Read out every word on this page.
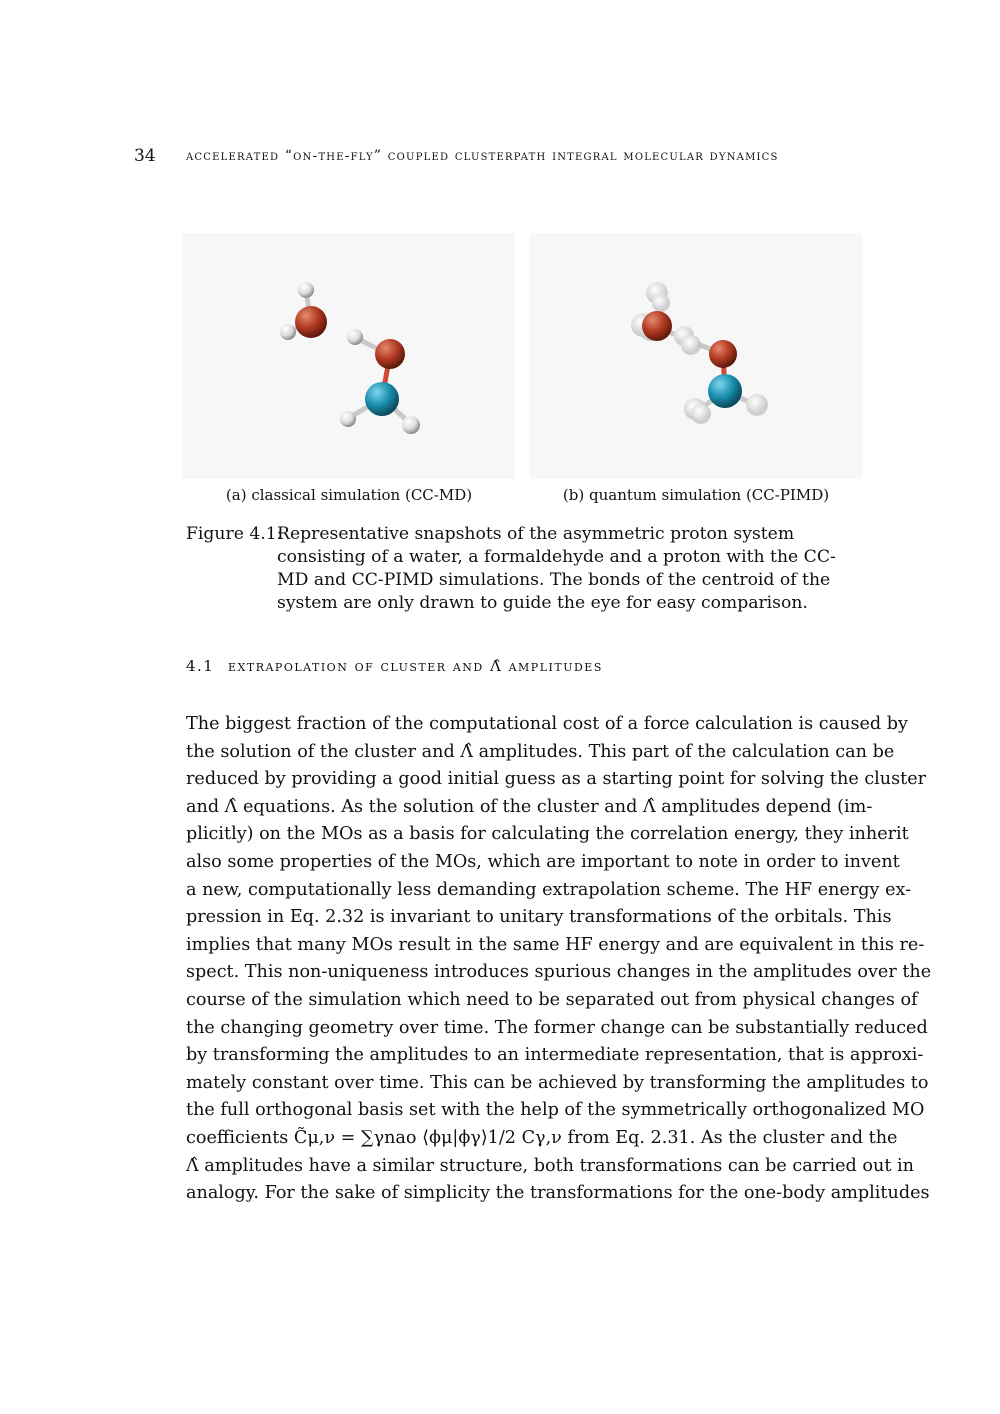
34 accelerated “on-the-fly” coupled clusterpath integral molecular dynamics
(a) classical simulation (CC-MD)	(b) quantum simulation (CC-PIMD)
Figure 4.1:
Representative snapshots of the asymmetric proton system consisting of a water, a formaldehyde and a proton with the CC-MD and CC-PIMD simulations. The bonds of the centroid of the system are only drawn to guide the eye for easy comparison.
4.1 extrapolation of cluster and Λ̂ amplitudes
The biggest fraction of the computational cost of a force calculation is caused by
the solution of the cluster and Λ̂ amplitudes. This part of the calculation can be
reduced by providing a good initial guess as a starting point for solving the cluster
and Λ̂ equations. As the solution of the cluster and Λ̂ amplitudes depend (im-
plicitly) on the MOs as a basis for calculating the correlation energy, they inherit
also some properties of the MOs, which are important to note in order to invent
a new, computationally less demanding extrapolation scheme. The HF energy ex-
pression in Eq. 2.32 is invariant to unitary transformations of the orbitals. This
implies that many MOs result in the same HF energy and are equivalent in this re-
spect. This non-uniqueness introduces spurious changes in the amplitudes over the
course of the simulation which need to be separated out from physical changes of
the changing geometry over time. The former change can be substantially reduced
by transforming the amplitudes to an intermediate representation, that is approxi-
mately constant over time. This can be achieved by transforming the amplitudes to
the full orthogonal basis set with the help of the symmetrically orthogonalized MO
coefficients C̃μ,ν = ∑γnao ⟨ϕμ|ϕγ⟩1/2 Cγ,ν from Eq. 2.31. As the cluster and the
Λ̂ amplitudes have a similar structure, both transformations can be carried out in
analogy. For the sake of simplicity the transformations for the one-body amplitudes
